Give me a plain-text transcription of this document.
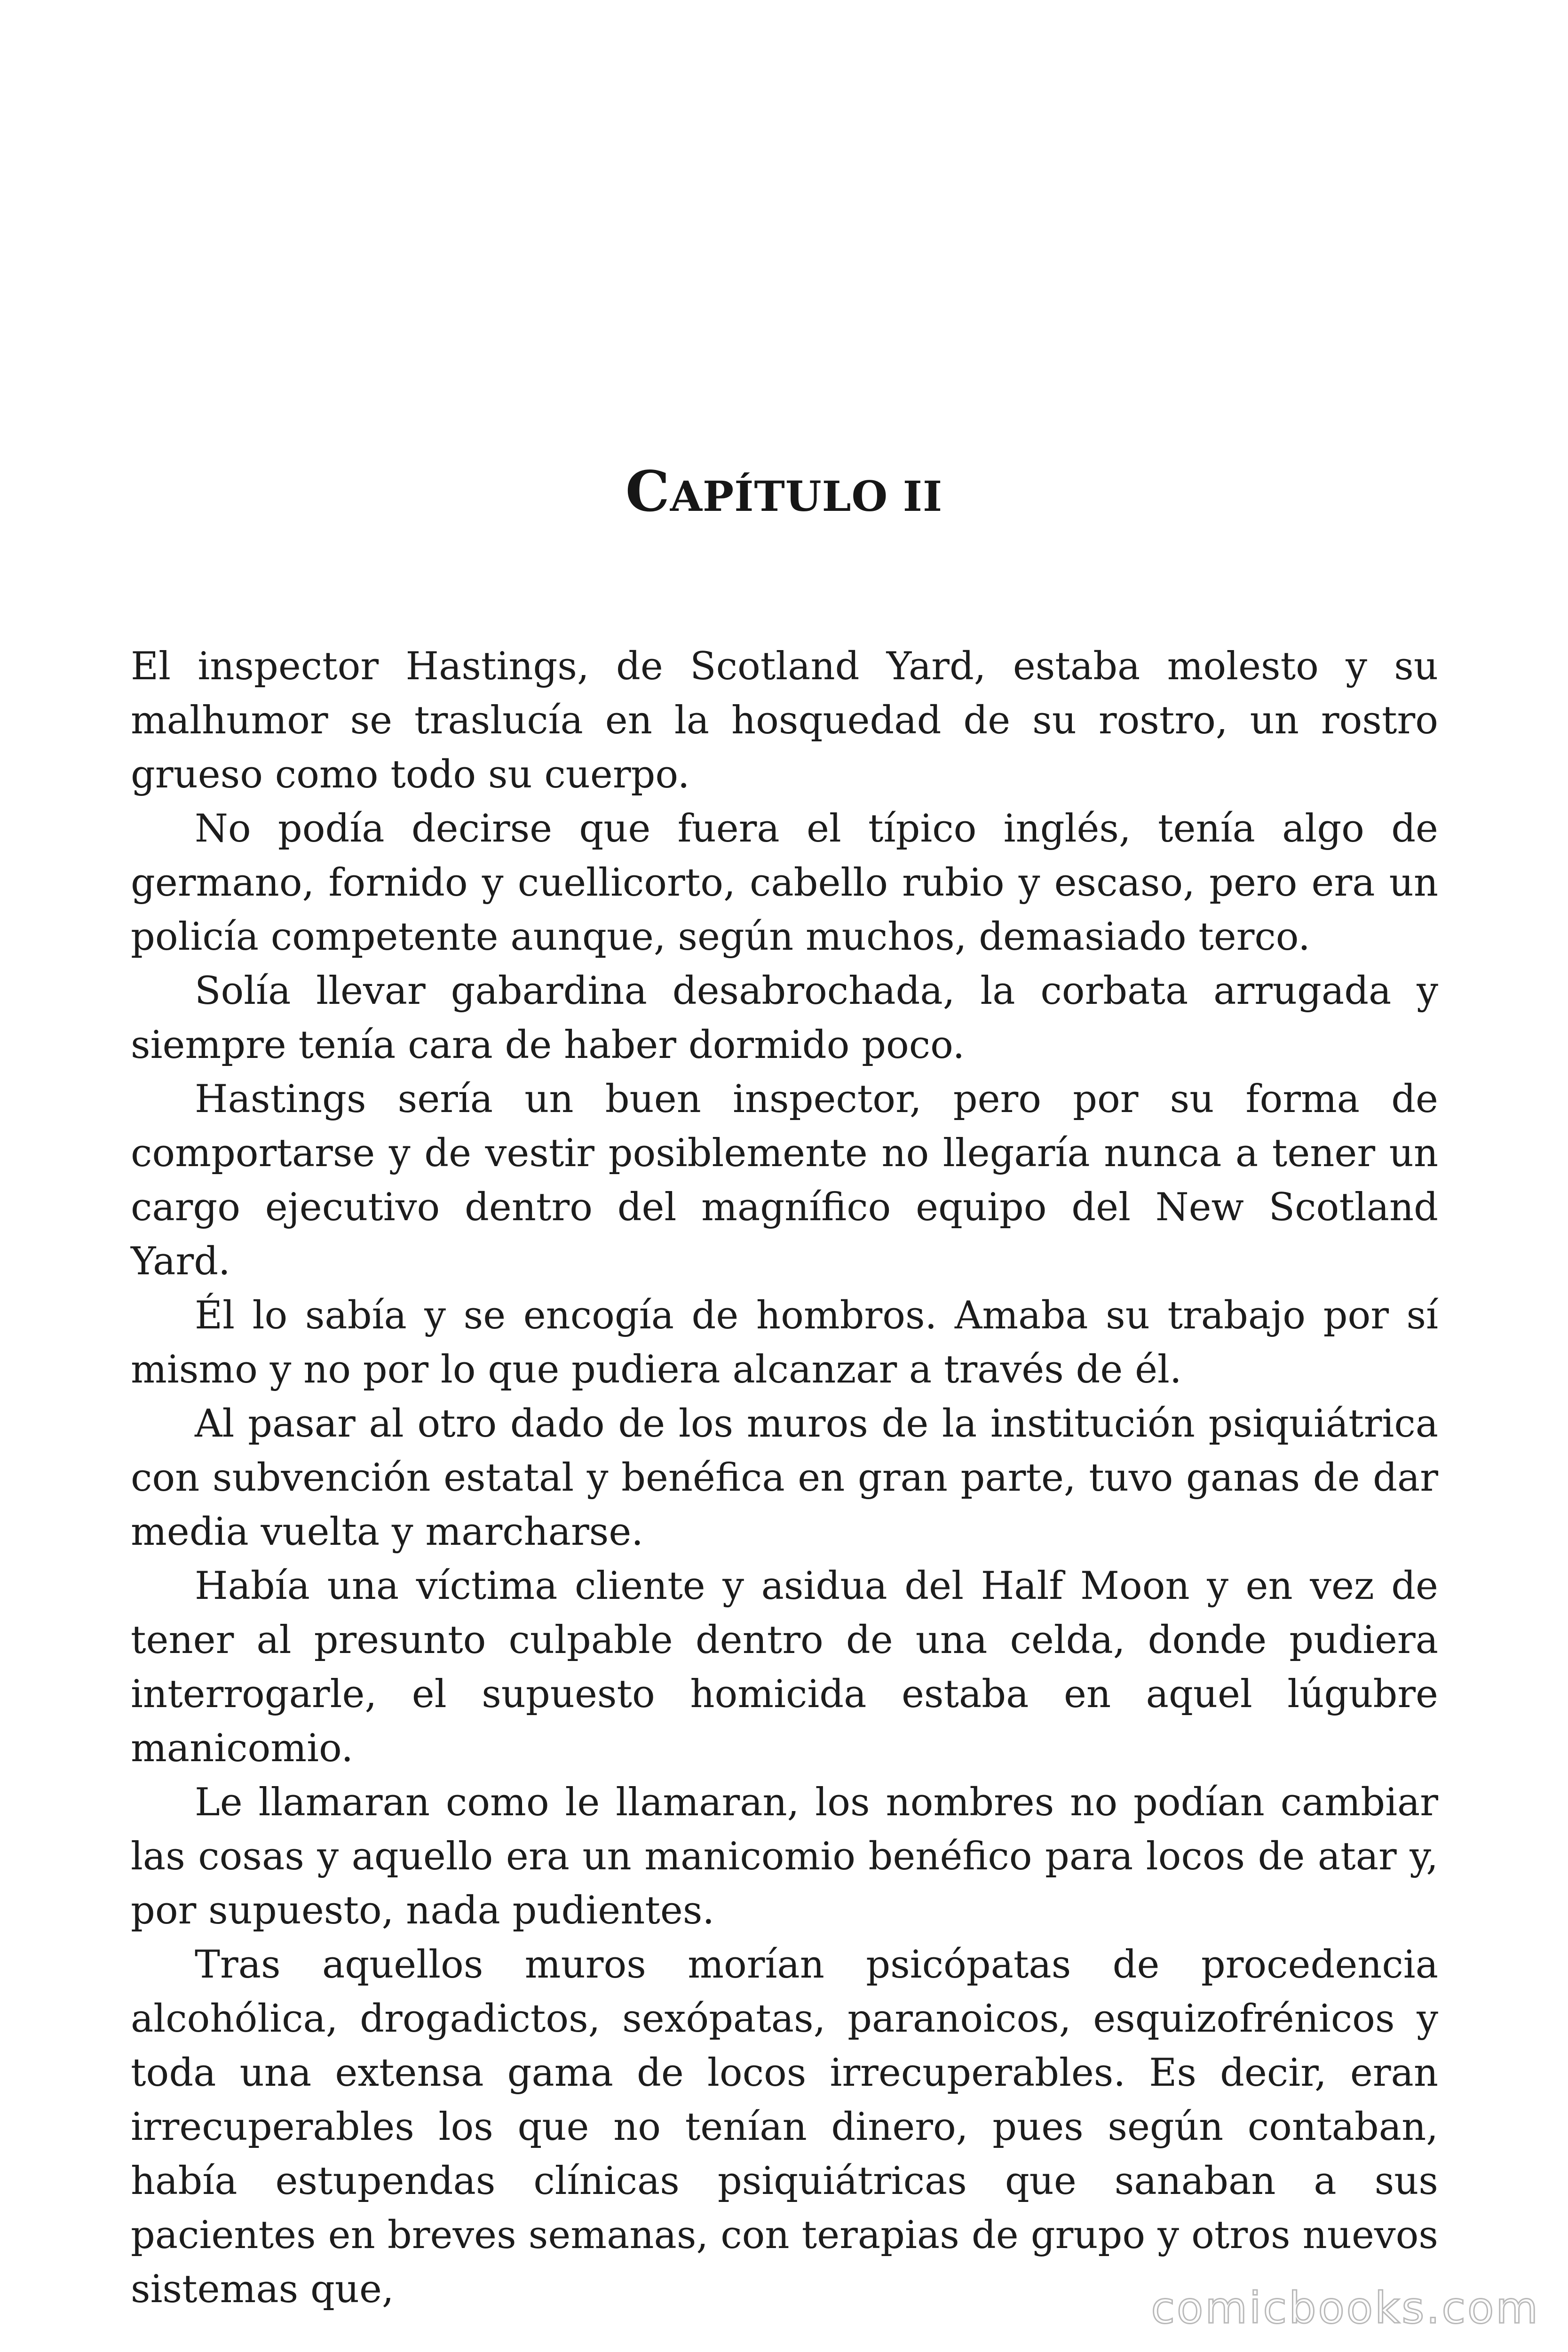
CAPÍTULO II

El inspector Hastings, de Scotland Yard, estaba molesto y su malhumor se traslucía en la hosquedad de su rostro, un rostro grueso como todo su cuerpo.

No podía decirse que fuera el típico inglés, tenía algo de germano, fornido y cuellicorto, cabello rubio y escaso, pero era un policía competente aunque, según muchos, demasiado terco.

Solía llevar gabardina desabrochada, la corbata arrugada y siempre tenía cara de haber dormido poco.

Hastings sería un buen inspector, pero por su forma de comportarse y de vestir posiblemente no llegaría nunca a tener un cargo ejecutivo dentro del magnífico equipo del New Scotland Yard.

Él lo sabía y se encogía de hombros. Amaba su trabajo por sí mismo y no por lo que pudiera alcanzar a través de él.

Al pasar al otro dado de los muros de la institución psiquiátrica con subvención estatal y benéfica en gran parte, tuvo ganas de dar media vuelta y marcharse.

Había una víctima cliente y asidua del Half Moon y en vez de tener al presunto culpable dentro de una celda, donde pudiera interrogarle, el supuesto homicida estaba en aquel lúgubre manicomio.

Le llamaran como le llamaran, los nombres no podían cambiar las cosas y aquello era un manicomio benéfico para locos de atar y, por supuesto, nada pudientes.

Tras aquellos muros morían psicópatas de procedencia alcohólica, drogadictos, sexópatas, paranoicos, esquizofrénicos y toda una extensa gama de locos irrecuperables. Es decir, eran irrecuperables los que no tenían dinero, pues según contaban, había estupendas clínicas psiquiátricas que sanaban a sus pacientes en breves semanas, con terapias de grupo y otros nuevos sistemas que,	comicbooks.com
